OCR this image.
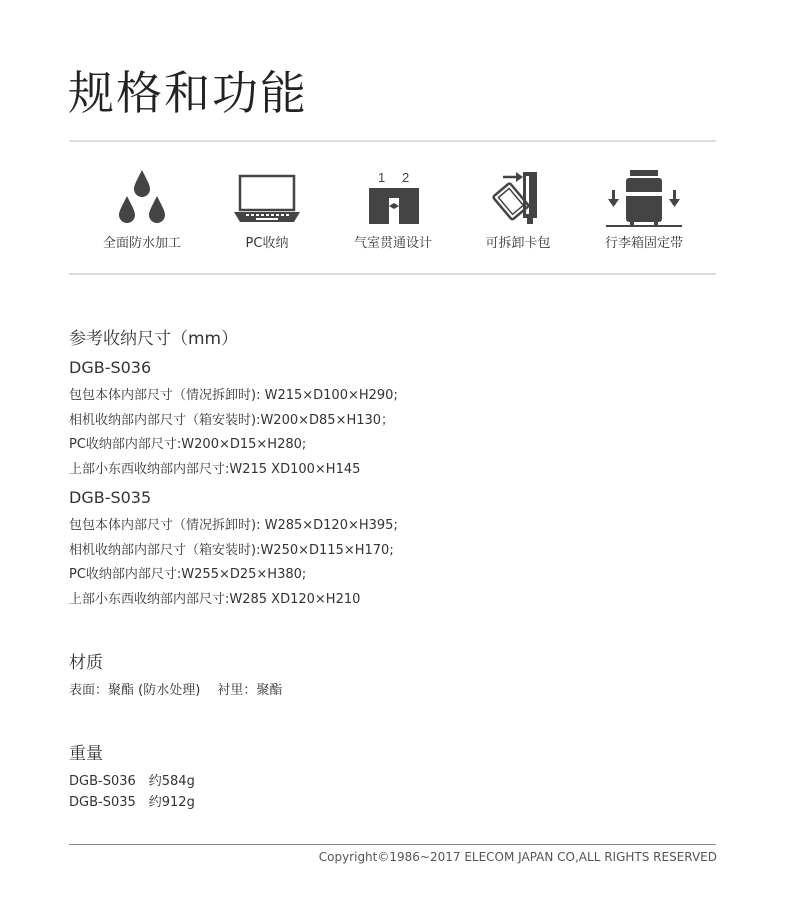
规格和功能
全面防水加工	PC收纳
1 2
气室贯通设计	可拆卸卡包	行李箱固定带
参考收纳尺寸（mm）
DGB-S036
包包本体内部尺寸（情况拆卸时): W215×D100×H290;
相机收纳部内部尺寸（箱安装时):W200×D85×H130；
PC收纳部内部尺寸:W200×D15×H280;
上部小东西收纳部内部尺寸:W215 XD100×H145
DGB-S035
包包本体内部尺寸（情况拆卸时): W285×D120×H395;
相机收纳部内部尺寸（箱安装时):W250×D115×H170;
PC收纳部内部尺寸:W255×D25×H380;
上部小东西收纳部内部尺寸:W285 XD120×H210
材质
表面：聚酯 (防水处理)　 衬里：聚酯
重量
DGB-S036　约584g
DGB-S035　约912g
Copyright©1986~2017 ELECOM JAPAN CO,ALL RIGHTS RESERVED
